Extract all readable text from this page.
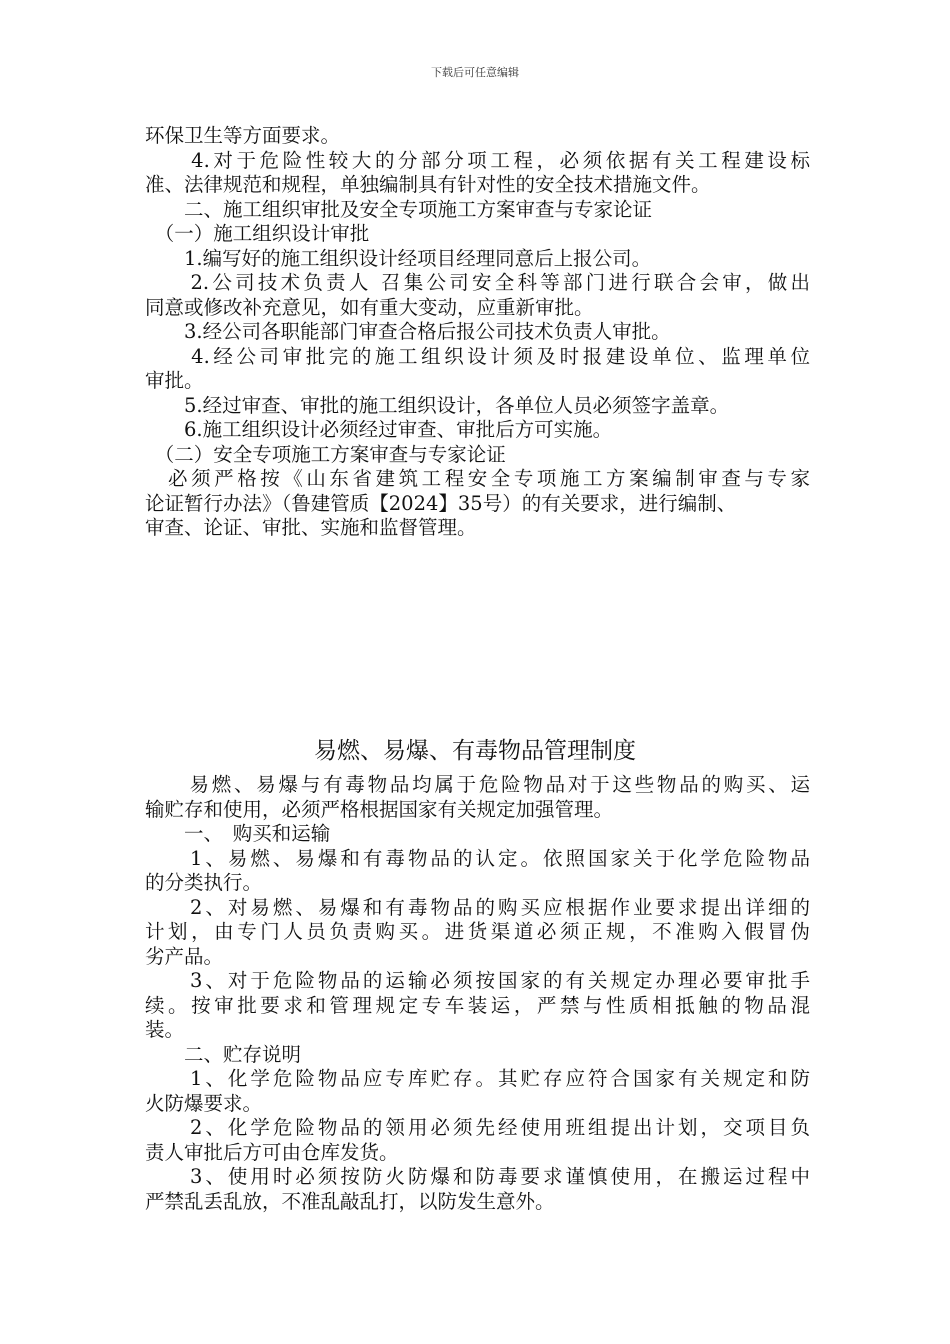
下载后可任意编辑

环保卫生等方面要求。

　　4.对于危险性较大的分部分项工程，必须依据有关工程建设标

准、法律规范和规程，单独编制具有针对性的安全技术措施文件。

　　二、施工组织审批及安全专项施工方案审查与专家论证

　（一）施工组织设计审批

　　1.编写好的施工组织设计经项目经理同意后上报公司。

　　2.公司技术负责人 召集公司安全科等部门进行联合会审，做出

同意或修改补充意见，如有重大变动，应重新审批。

　　3.经公司各职能部门审查合格后报公司技术负责人审批。

　　4.经公司审批完的施工组织设计须及时报建设单位、监理单位

审批。

　　5.经过审查、审批的施工组织设计，各单位人员必须签字盖章。

　　6.施工组织设计必须经过审查、审批后方可实施。

　（二）安全专项施工方案审查与专家论证

　必须严格按《山东省建筑工程安全专项施工方案编制审查与专家

论证暂行办法》（鲁建管质【2024】35号）的有关要求，进行编制、

审查、论证、审批、实施和监督管理。

易燃、易爆、有毒物品管理制度

　　易燃、易爆与有毒物品均属于危险物品对于这些物品的购买、运

输贮存和使用，必须严格根据国家有关规定加强管理。

　　一、　购买和运输

　　1、易燃、易爆和有毒物品的认定。依照国家关于化学危险物品

的分类执行。

　　2、对易燃、易爆和有毒物品的购买应根据作业要求提出详细的

计划，由专门人员负责购买。进货渠道必须正规，不准购入假冒伪

劣产品。

　　3、对于危险物品的运输必须按国家的有关规定办理必要审批手

续。按审批要求和管理规定专车装运，严禁与性质相抵触的物品混

装。

　　二、贮存说明

　　1、化学危险物品应专库贮存。其贮存应符合国家有关规定和防

火防爆要求。

　　2、化学危险物品的领用必须先经使用班组提出计划，交项目负

责人审批后方可由仓库发货。

　　3、使用时必须按防火防爆和防毒要求谨慎使用，在搬运过程中

严禁乱丢乱放，不准乱敲乱打，以防发生意外。
